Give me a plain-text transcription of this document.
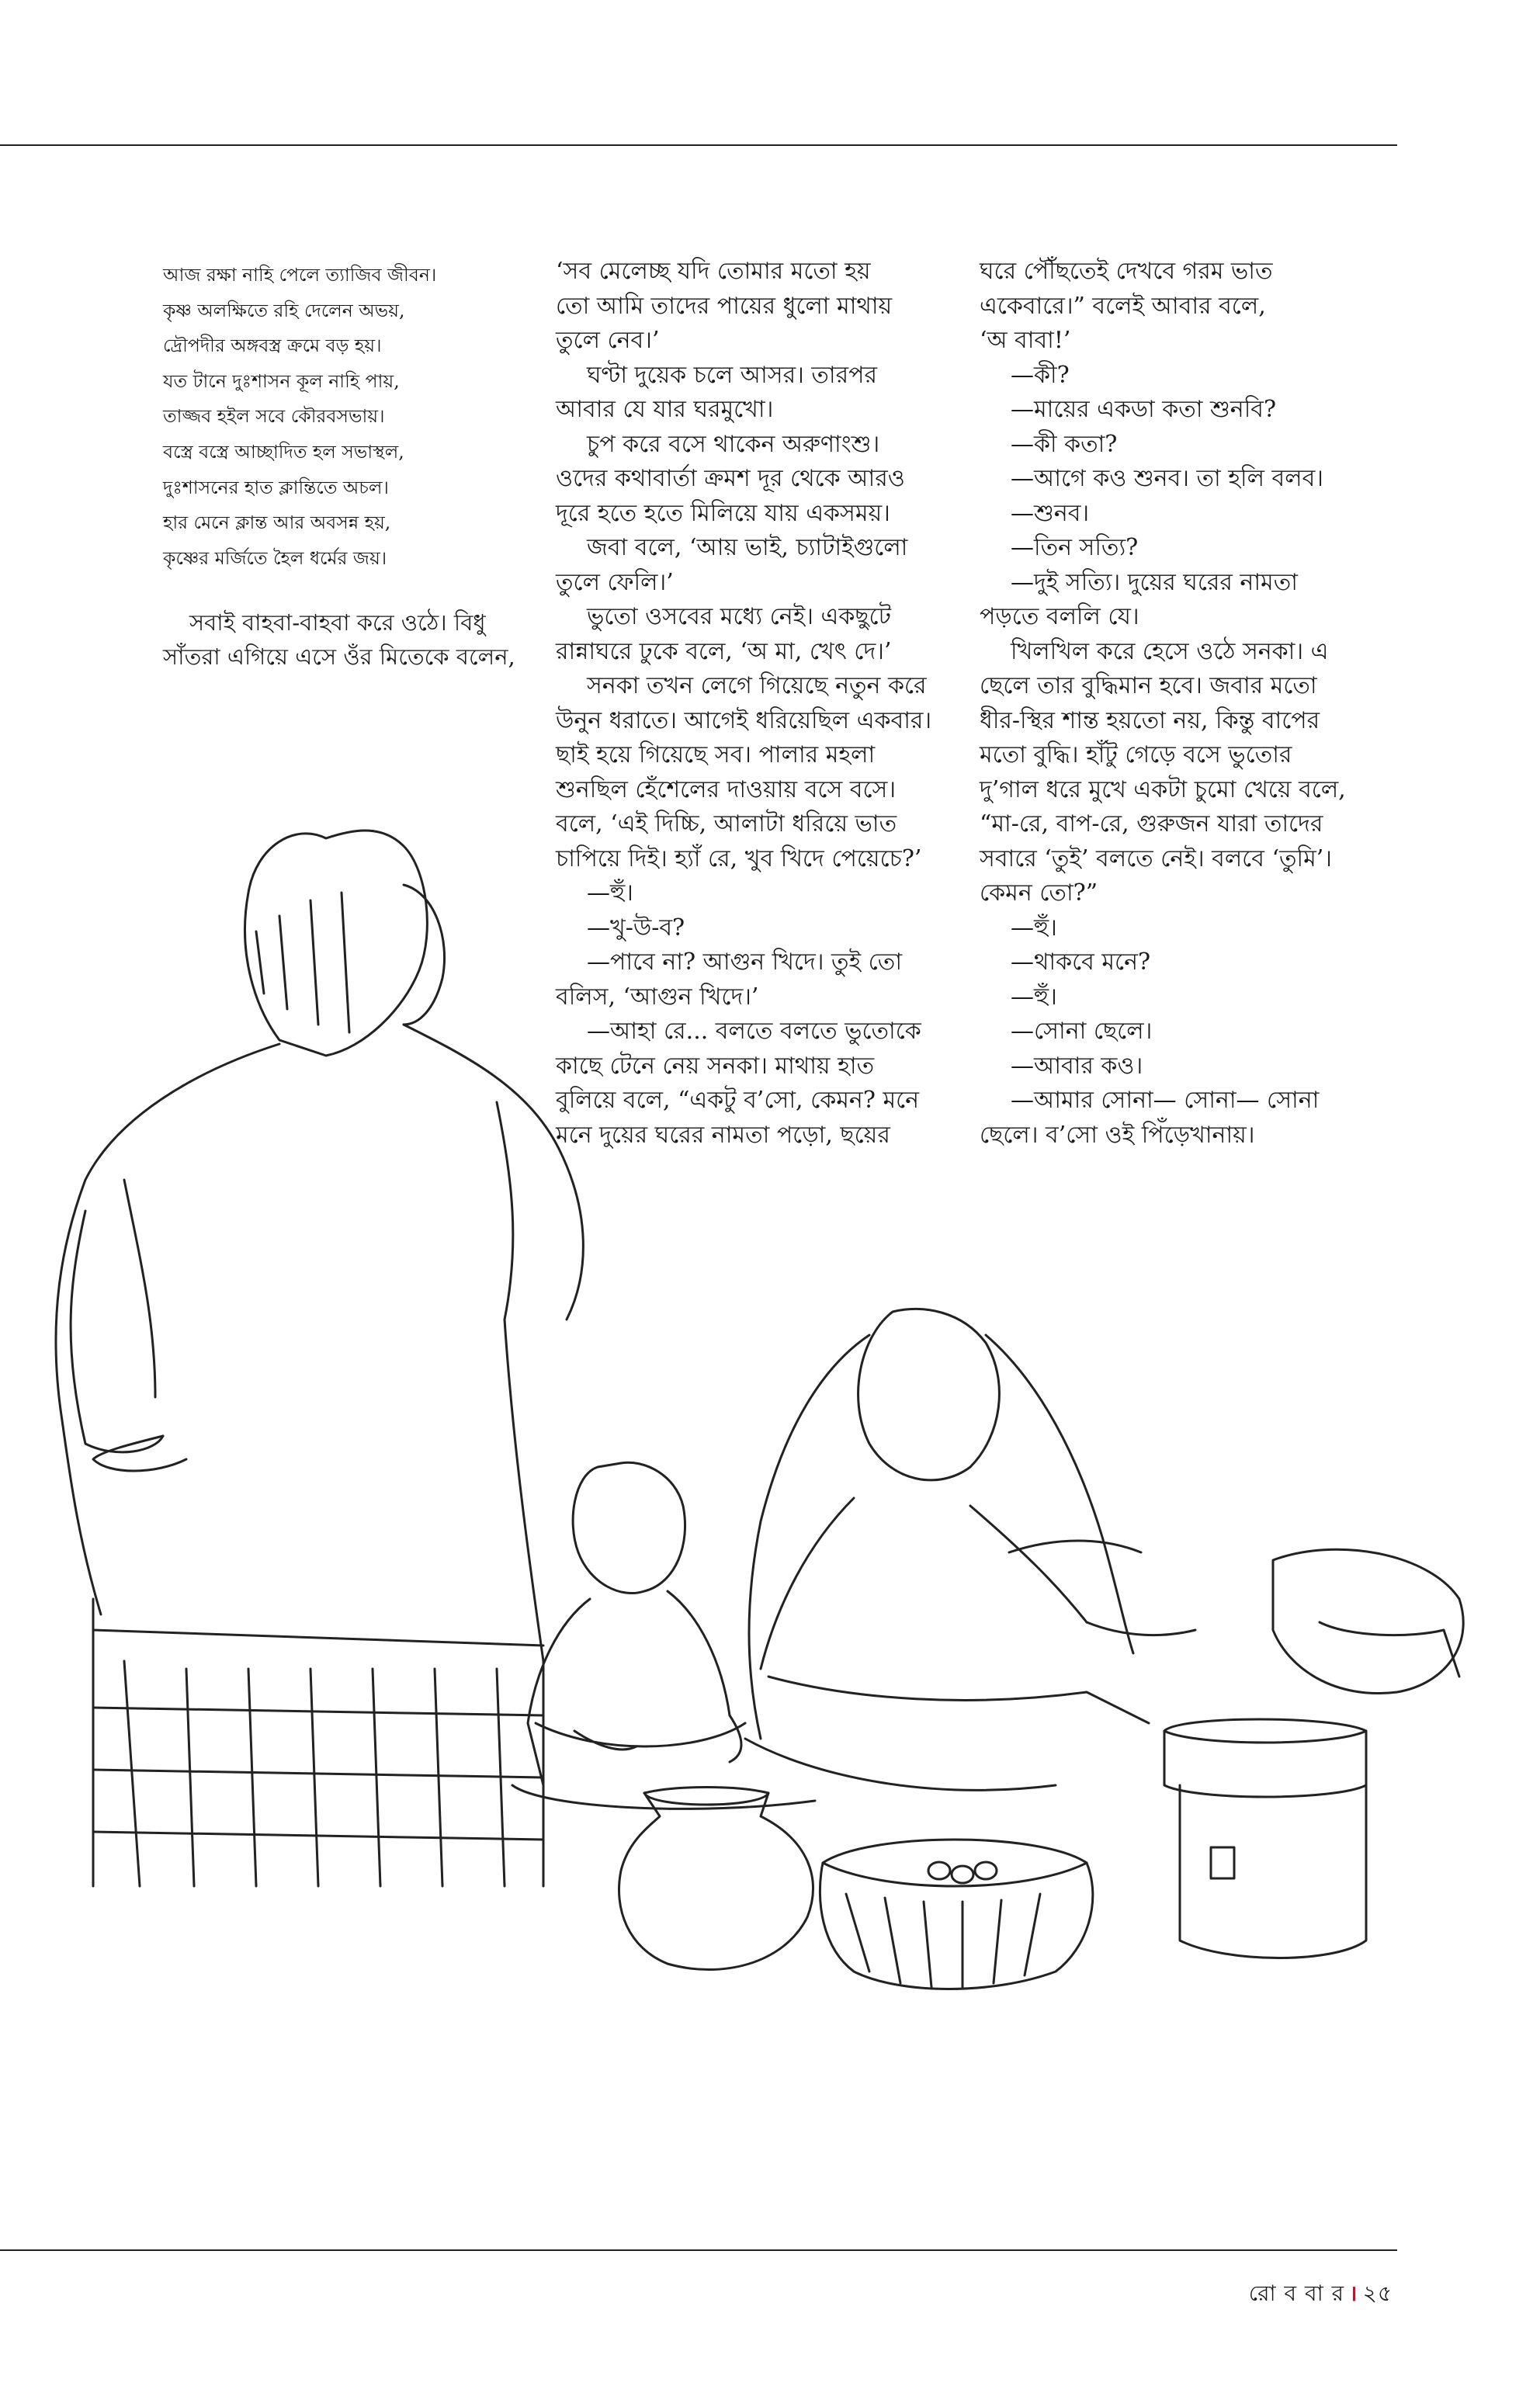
আজ রক্ষা নাহি পেলে ত্যাজিব জীবন।

কৃষ্ণ অলক্ষিতে রহি দেলেন অভয়,

দ্রৌপদীর অঙ্গবস্ত্র ক্রমে বড় হয়।

যত টানে দুঃশাসন কূল নাহি পায়,

তাজ্জব হইল সবে কৌরবসভায়।

বস্ত্রে বস্ত্রে আচ্ছাদিত হল সভাস্থল,

দুঃশাসনের হাত ক্লান্তিতে অচল।

হার মেনে ক্লান্ত আর অবসন্ন হয়,

কৃষ্ণের মর্জিতে হৈল ধর্মের জয়।

সবাই বাহবা-বাহবা করে ওঠে। বিধু

সাঁতরা এগিয়ে এসে ওঁর মিতেকে বলেন,

‘সব মেলেচ্ছ যদি তোমার মতো হয়

তো আমি তাদের পায়ের ধুলো মাথায়

তুলে নেব।’

ঘণ্টা দুয়েক চলে আসর। তারপর

আবার যে যার ঘরমুখো।

চুপ করে বসে থাকেন অরুণাংশু।

ওদের কথাবার্তা ক্রমশ দূর থেকে আরও

দূরে হতে হতে মিলিয়ে যায় একসময়।

জবা বলে, ‘আয় ভাই, চ্যাটাইগুলো

তুলে ফেলি।’

ভুতো ওসবের মধ্যে নেই। একছুটে

রান্নাঘরে ঢুকে বলে, ‘অ মা, খেৎ দে।’

সনকা তখন লেগে গিয়েছে নতুন করে

উনুন ধরাতে। আগেই ধরিয়েছিল একবার।

ছাই হয়ে গিয়েছে সব। পালার মহলা

শুনছিল হেঁশেলের দাওয়ায় বসে বসে।

বলে, ‘এই দিচ্চি, আলাটা ধরিয়ে ভাত

চাপিয়ে দিই। হ্যাঁ রে, খুব খিদে পেয়েচে?’

—হুঁ।

—খু-উ-ব?

—পাবে না? আগুন খিদে। তুই তো

বলিস, ‘আগুন খিদে।’

—আহা রে... বলতে বলতে ভুতোকে

কাছে টেনে নেয় সনকা। মাথায় হাত

বুলিয়ে বলে, “একটু ব’সো, কেমন? মনে

মনে দুয়ের ঘরের নামতা পড়ো, ছয়ের

ঘরে পৌঁছতেই দেখবে গরম ভাত

একেবারে।” বলেই আবার বলে,

‘অ বাবা!’

—কী?

—মায়ের একডা কতা শুনবি?

—কী কতা?

—আগে কও শুনব। তা হলি বলব।

—শুনব।

—তিন সত্যি?

—দুই সত্যি। দুয়ের ঘরের নামতা

পড়তে বললি যে।

খিলখিল করে হেসে ওঠে সনকা। এ

ছেলে তার বুদ্ধিমান হবে। জবার মতো

ধীর-স্থির শান্ত হয়তো নয়, কিন্তু বাপের

মতো বুদ্ধি। হাঁটু গেড়ে বসে ভুতোর

দু’গাল ধরে মুখে একটা চুমো খেয়ে বলে,

“মা-রে, বাপ-রে, গুরুজন যারা তাদের

সবারে ‘তুই’ বলতে নেই। বলবে ‘তুমি’।

কেমন তো?”

—হুঁ।

—থাকবে মনে?

—হুঁ।

—সোনা ছেলে।

—আবার কও।

—আমার সোনা— সোনা— সোনা

ছেলে। ব’সো ওই পিঁড়েখানায়।

রো ব বা র । ২৫
